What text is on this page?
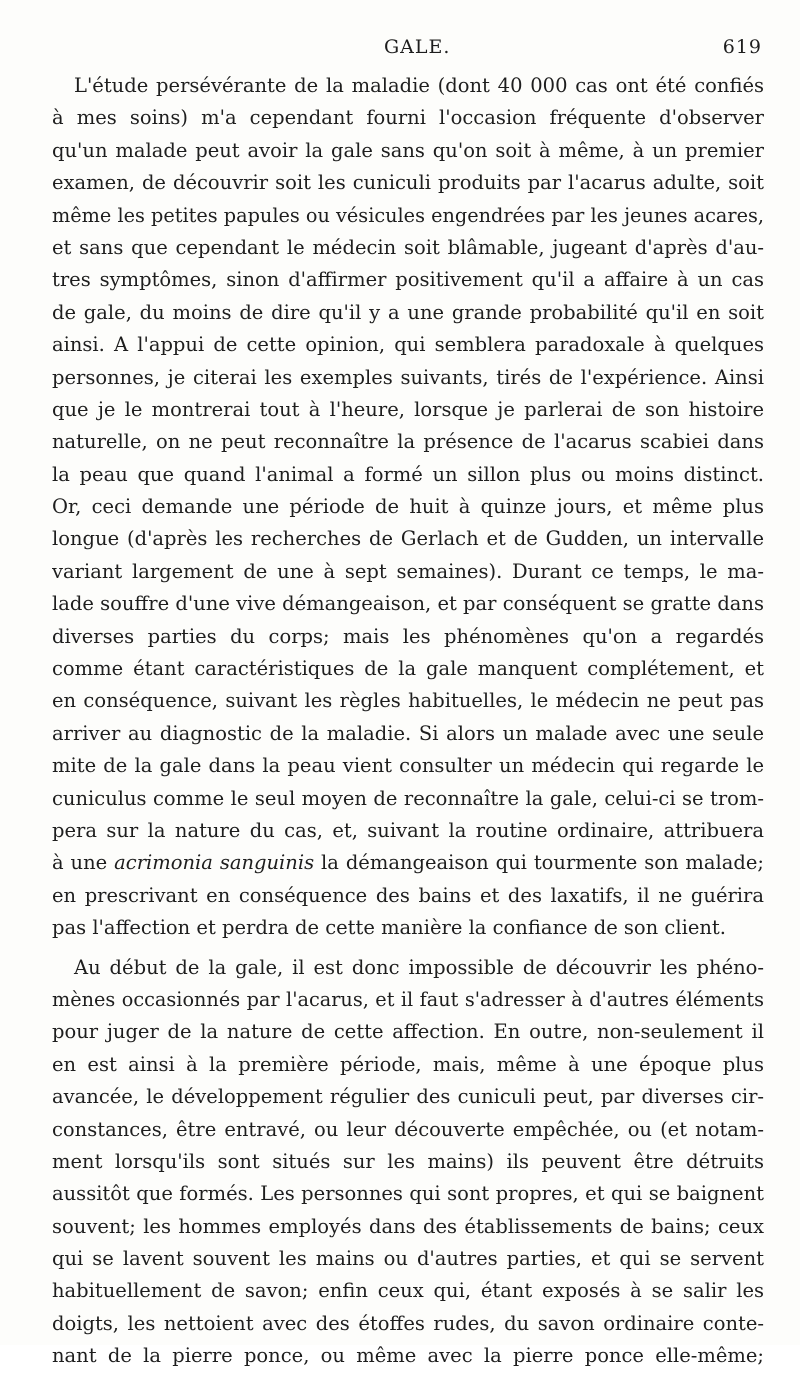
GALE.	619
L'étude persévérante de la maladie (dont 40 000 cas ont été confiés
à mes soins) m'a cependant fourni l'occasion fréquente d'observer
qu'un malade peut avoir la gale sans qu'on soit à même, à un premier
examen, de découvrir soit les cuniculi produits par l'acarus adulte, soit
même les petites papules ou vésicules engendrées par les jeunes acares,
et sans que cependant le médecin soit blâmable, jugeant d'après d'au-
tres symptômes, sinon d'affirmer positivement qu'il a affaire à un cas
de gale, du moins de dire qu'il y a une grande probabilité qu'il en soit
ainsi. A l'appui de cette opinion, qui semblera paradoxale à quelques
personnes, je citerai les exemples suivants, tirés de l'expérience. Ainsi
que je le montrerai tout à l'heure, lorsque je parlerai de son histoire
naturelle, on ne peut reconnaître la présence de l'acarus scabiei dans
la peau que quand l'animal a formé un sillon plus ou moins distinct.
Or, ceci demande une période de huit à quinze jours, et même plus
longue (d'après les recherches de Gerlach et de Gudden, un intervalle
variant largement de une à sept semaines). Durant ce temps, le ma-
lade souffre d'une vive démangeaison, et par conséquent se gratte dans
diverses parties du corps; mais les phénomènes qu'on a regardés
comme étant caractéristiques de la gale manquent complétement, et
en conséquence, suivant les règles habituelles, le médecin ne peut pas
arriver au diagnostic de la maladie. Si alors un malade avec une seule
mite de la gale dans la peau vient consulter un médecin qui regarde le
cuniculus comme le seul moyen de reconnaître la gale, celui-ci se trom-
pera sur la nature du cas, et, suivant la routine ordinaire, attribuera
à une acrimonia sanguinis la démangeaison qui tourmente son malade;
en prescrivant en conséquence des bains et des laxatifs, il ne guérira
pas l'affection et perdra de cette manière la confiance de son client.
Au début de la gale, il est donc impossible de découvrir les phéno-
mènes occasionnés par l'acarus, et il faut s'adresser à d'autres éléments
pour juger de la nature de cette affection. En outre, non-seulement il
en est ainsi à la première période, mais, même à une époque plus
avancée, le développement régulier des cuniculi peut, par diverses cir-
constances, être entravé, ou leur découverte empêchée, ou (et notam-
ment lorsqu'ils sont situés sur les mains) ils peuvent être détruits
aussitôt que formés. Les personnes qui sont propres, et qui se baignent
souvent; les hommes employés dans des établissements de bains; ceux
qui se lavent souvent les mains ou d'autres parties, et qui se servent
habituellement de savon; enfin ceux qui, étant exposés à se salir les
doigts, les nettoient avec des étoffes rudes, du savon ordinaire conte-
nant de la pierre ponce, ou même avec la pierre ponce elle-même;
